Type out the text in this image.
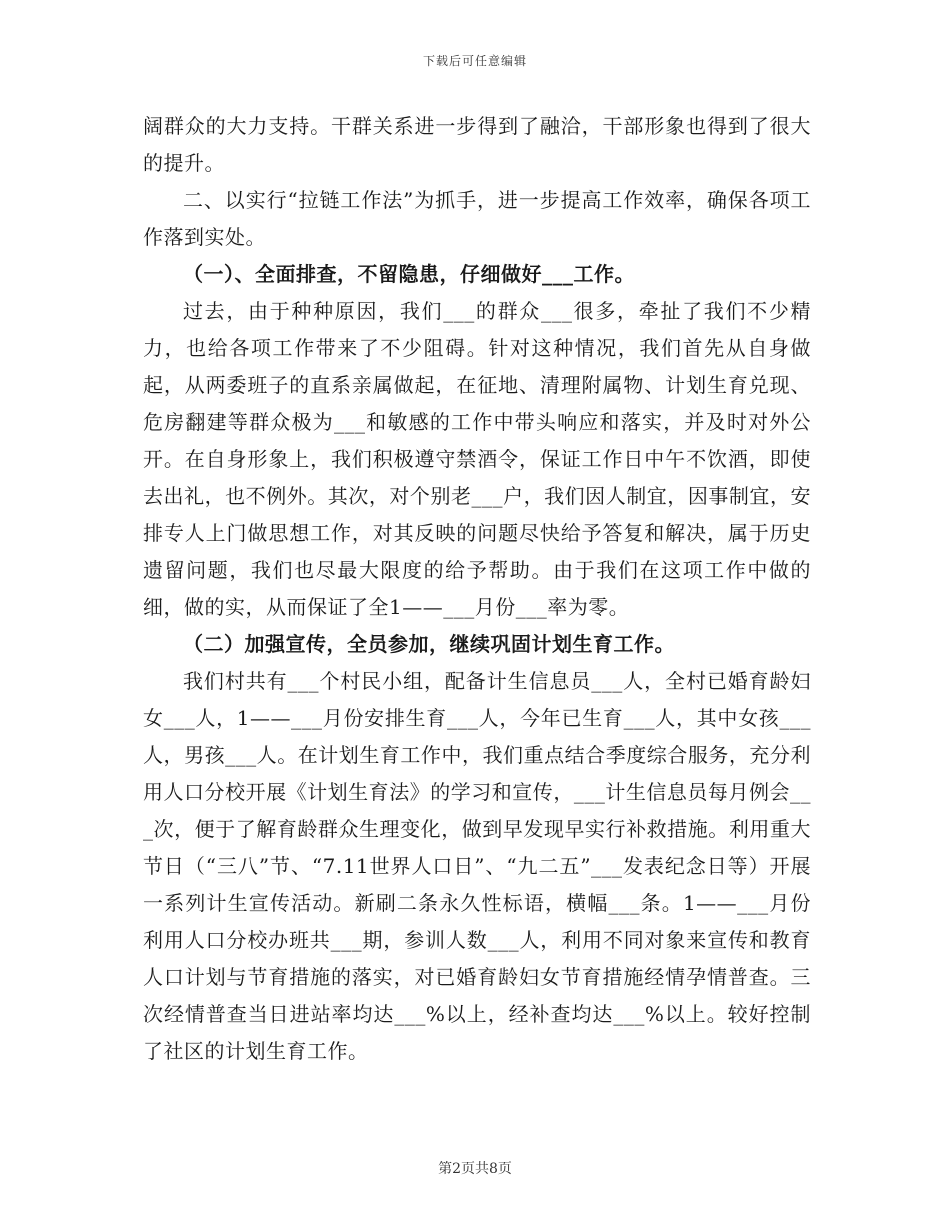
下载后可任意编辑

阔群众的大力支持。干群关系进一步得到了融洽，干部形象也得到了很大的提升。

二、以实行“拉链工作法”为抓手，进一步提高工作效率，确保各项工作落到实处。

（一）、全面排查，不留隐患，仔细做好___工作。

过去，由于种种原因，我们___的群众___很多，牵扯了我们不少精力，也给各项工作带来了不少阻碍。针对这种情况，我们首先从自身做起，从两委班子的直系亲属做起，在征地、清理附属物、计划生育兑现、危房翻建等群众极为___和敏感的工作中带头响应和落实，并及时对外公开。在自身形象上，我们积极遵守禁酒令，保证工作日中午不饮酒，即使去出礼，也不例外。其次，对个别老___户，我们因人制宜，因事制宜，安排专人上门做思想工作，对其反映的问题尽快给予答复和解决，属于历史遗留问题，我们也尽最大限度的给予帮助。由于我们在这项工作中做的细，做的实，从而保证了全1——___月份___率为零。

（二）加强宣传，全员参加，继续巩固计划生育工作。

我们村共有___个村民小组，配备计生信息员___人，全村已婚育龄妇女___人，1——___月份安排生育___人，今年已生育___人，其中女孩___人，男孩___人。在计划生育工作中，我们重点结合季度综合服务，充分利用人口分校开展《计划生育法》的学习和宣传，___计生信息员每月例会___次，便于了解育龄群众生理变化，做到早发现早实行补救措施。利用重大节日（“三八”节、“7.11世界人口日”、“九二五”___发表纪念日等）开展一系列计生宣传活动。新刷二条永久性标语，横幅___条。1——___月份利用人口分校办班共___期，参训人数___人，利用不同对象来宣传和教育人口计划与节育措施的落实，对已婚育龄妇女节育措施经情孕情普查。三次经情普查当日进站率均达___%以上，经补查均达___%以上。较好控制了社区的计划生育工作。

第2页共8页
